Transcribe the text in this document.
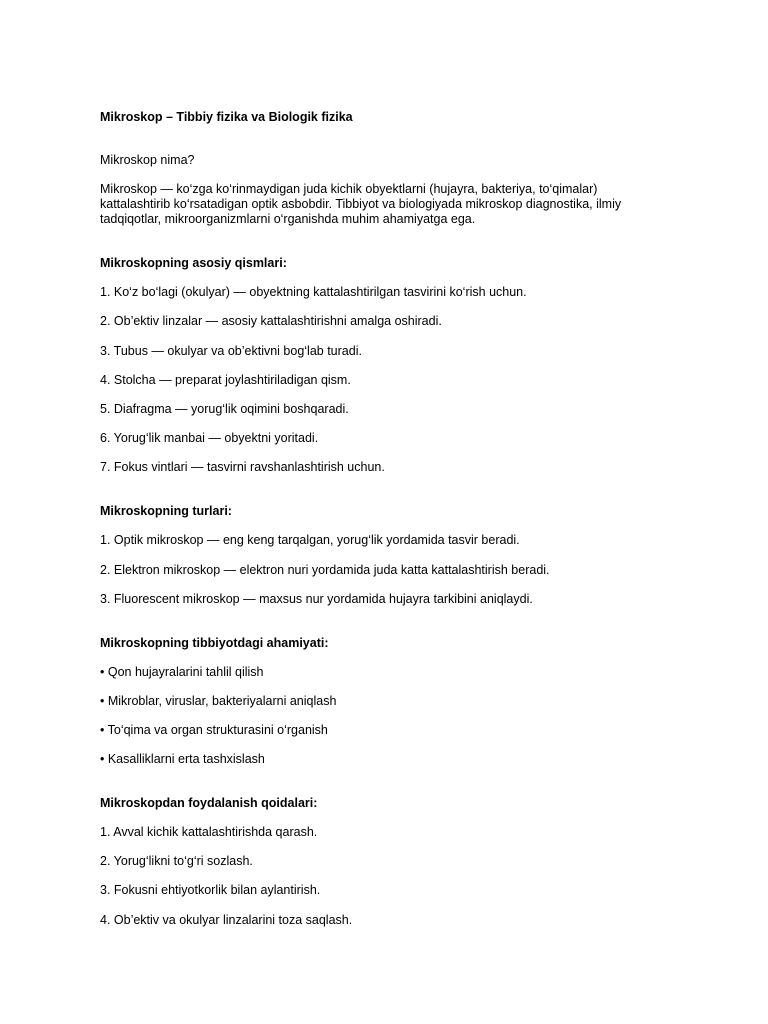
Mikroskop – Tibbiy fizika va Biologik fizika
Mikroskop nima?
Mikroskop — ko‘zga ko‘rinmaydigan juda kichik obyektlarni (hujayra, bakteriya, to‘qimalar)
kattalashtirib ko‘rsatadigan optik asbobdir. Tibbiyot va biologiyada mikroskop diagnostika, ilmiy
tadqiqotlar, mikroorganizmlarni o‘rganishda muhim ahamiyatga ega.
Mikroskopning asosiy qismlari:
1. Ko‘z bo‘lagi (okulyar) — obyektning kattalashtirilgan tasvirini ko‘rish uchun.
2. Ob’ektiv linzalar — asosiy kattalashtirishni amalga oshiradi.
3. Tubus — okulyar va ob’ektivni bog‘lab turadi.
4. Stolcha — preparat joylashtiriladigan qism.
5. Diafragma — yorug‘lik oqimini boshqaradi.
6. Yorug‘lik manbai — obyektni yoritadi.
7. Fokus vintlari — tasvirni ravshanlashtirish uchun.
Mikroskopning turlari:
1. Optik mikroskop — eng keng tarqalgan, yorug‘lik yordamida tasvir beradi.
2. Elektron mikroskop — elektron nuri yordamida juda katta kattalashtirish beradi.
3. Fluorescent mikroskop — maxsus nur yordamida hujayra tarkibini aniqlaydi.
Mikroskopning tibbiyotdagi ahamiyati:
• Qon hujayralarini tahlil qilish
• Mikroblar, viruslar, bakteriyalarni aniqlash
• To‘qima va organ strukturasini o‘rganish
• Kasalliklarni erta tashxislash
Mikroskopdan foydalanish qoidalari:
1. Avval kichik kattalashtirishda qarash.
2. Yorug‘likni to‘g‘ri sozlash.
3. Fokusni ehtiyotkorlik bilan aylantirish.
4. Ob’ektiv va okulyar linzalarini toza saqlash.
